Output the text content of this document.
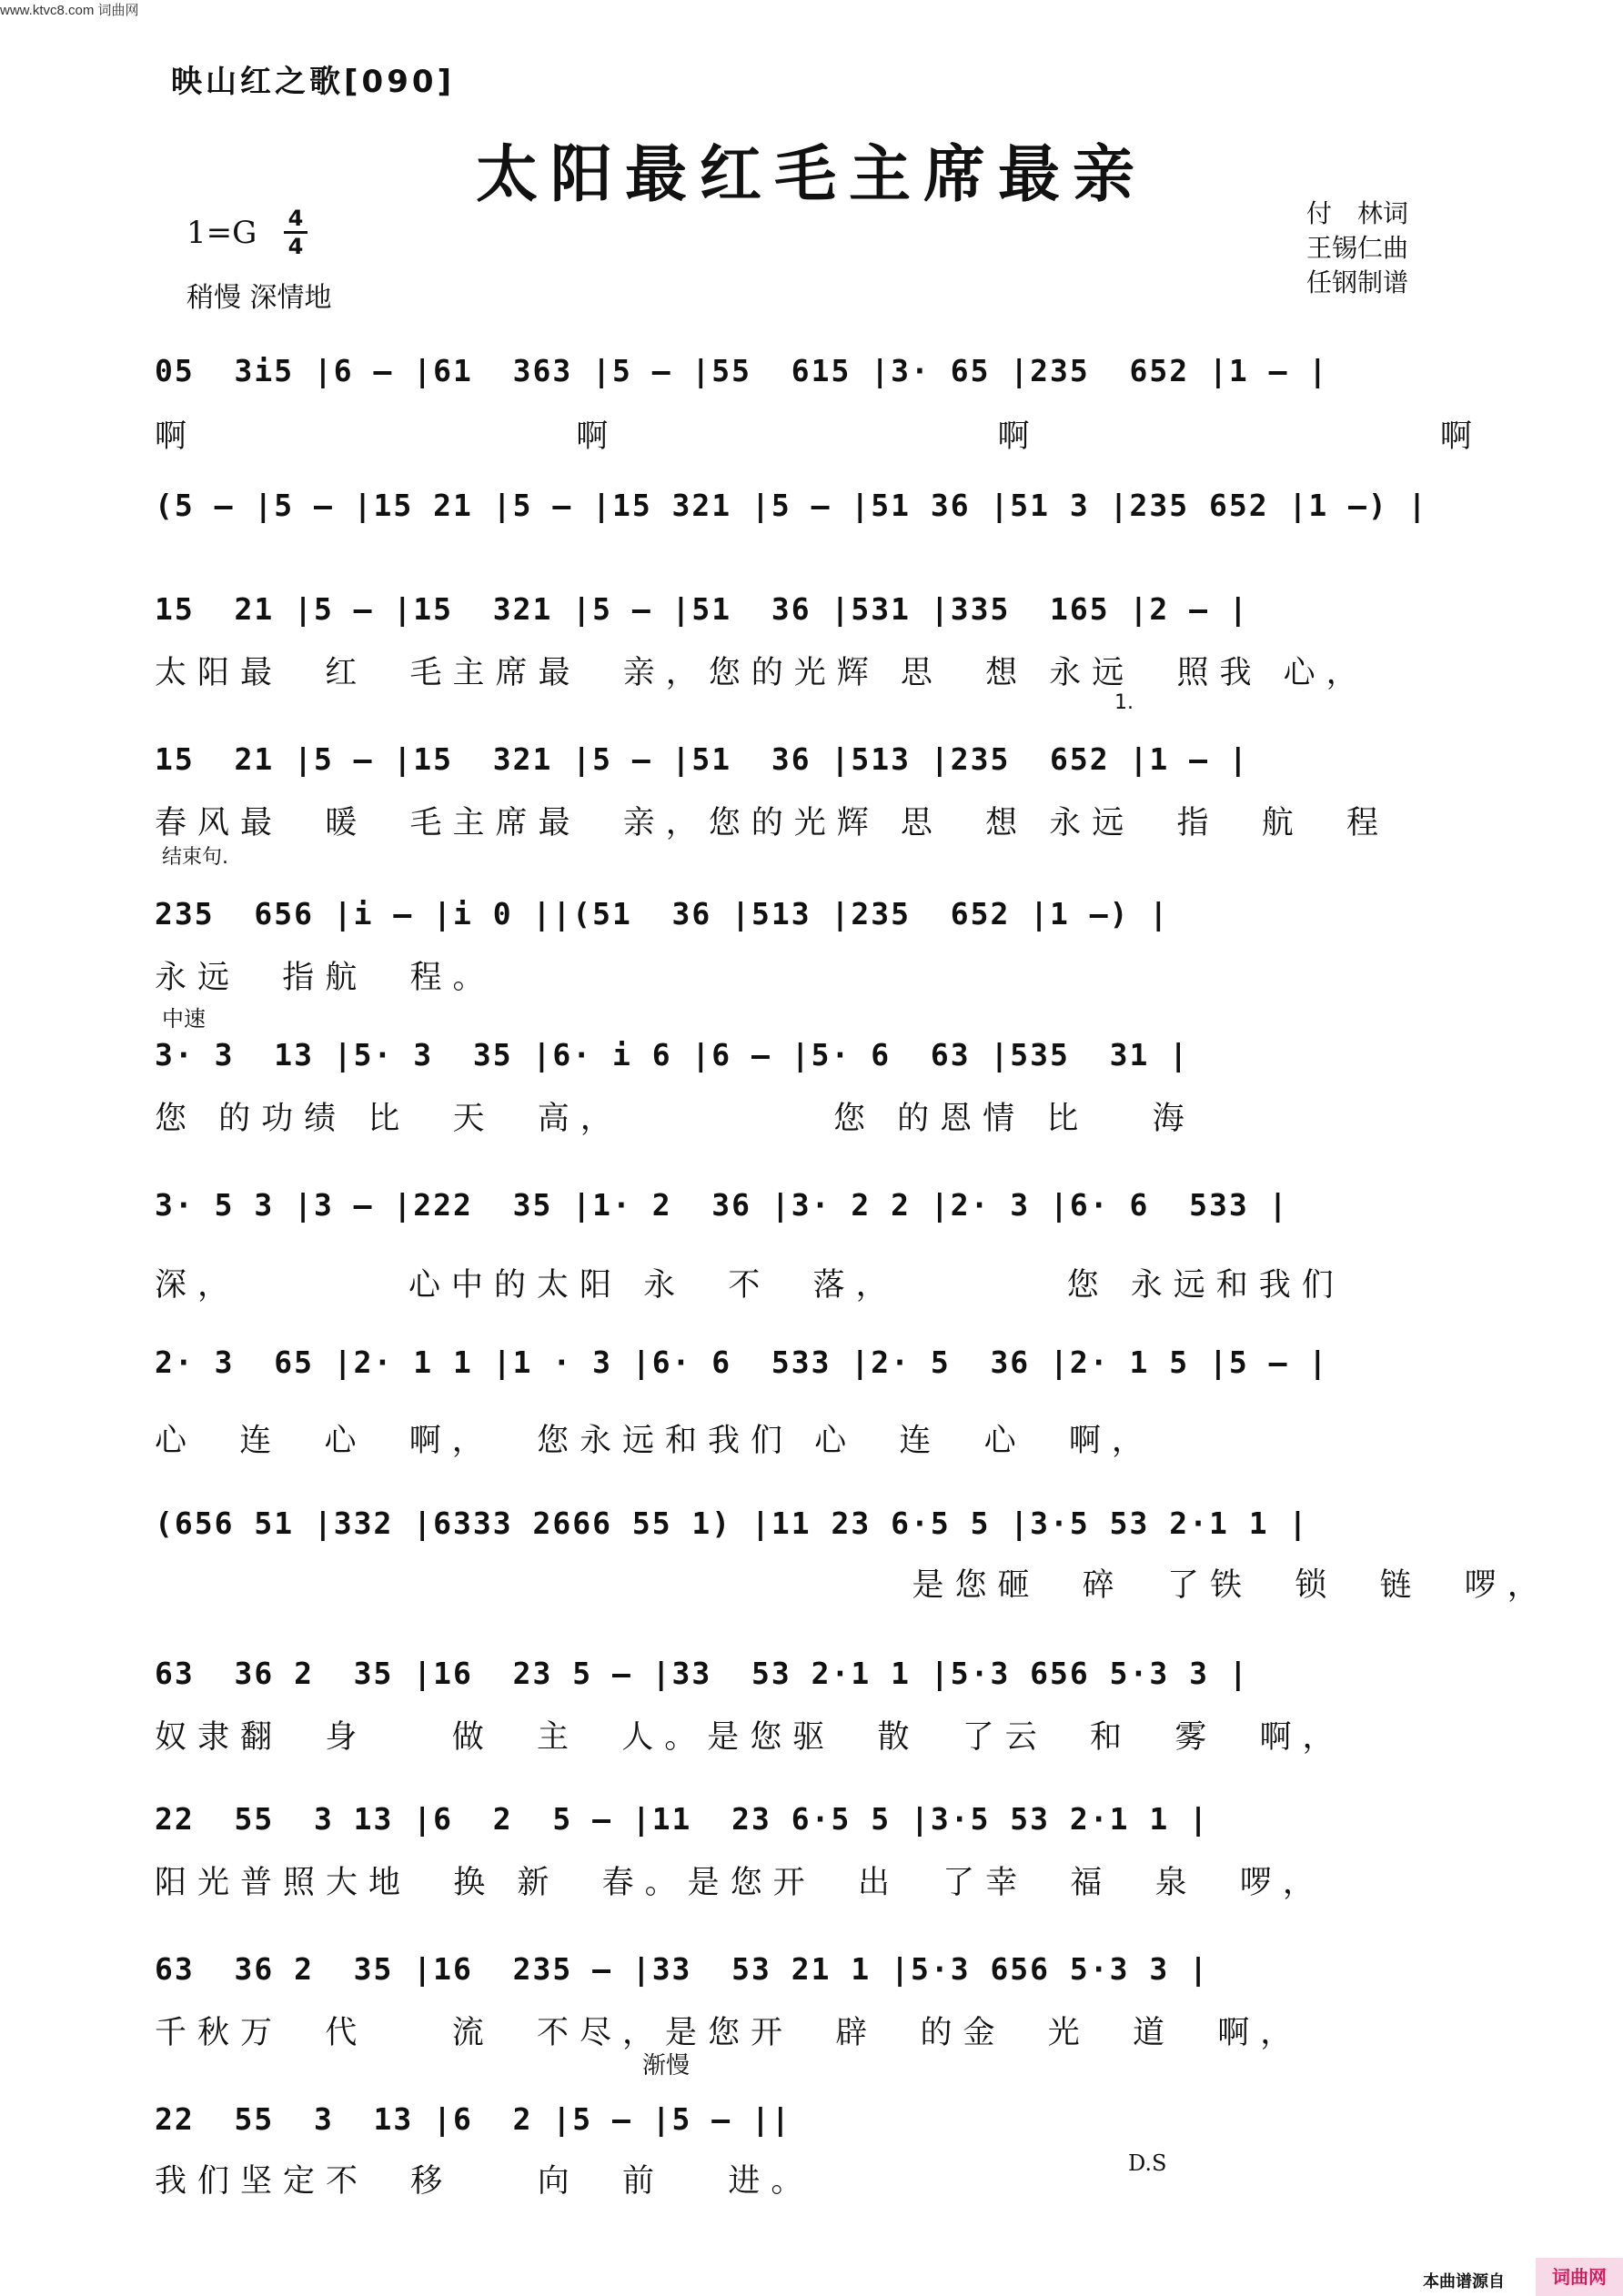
www.ktvc8.com 词曲网
映山红之歌[090]
太阳最红毛主席最亲
1=G	4
4
稍慢 深情地
付　林词
王锡仁曲
任钢制谱
05  3i5 |6 – |61  363 |5 – |55  615 |3· 65 |235  652 |1 – |
啊                  啊                  啊                   啊
(5 – |5 – |15 21 |5 – |15 321 |5 – |51 36 |51 3 |235 652 |1 –) |
15  21 |5 – |15  321 |5 – |51  36 |531 |335  165 |2 – |
太阳最  红  毛主席最  亲，您的光辉 思  想 永远  照我 心，
15  21 |5 – |15  321 |5 – |51  36 |513 |235  652 |1 – |
春风最  暖  毛主席最  亲，您的光辉 思  想 永远  指  航  程
1.
结束句.
235  656 |i – |i 0 ||(51  36 |513 |235  652 |1 –) |
永远  指航  程。
中速
3· 3  13 |5· 3  35 |6· i 6 |6 – |5· 6  63 |535  31 |
您 的功绩 比  天  高，          您 的恩情 比   海
3· 5 3 |3 – |222  35 |1· 2  36 |3· 2 2 |2· 3 |6· 6  533 |
深，        心中的太阳 永  不  落，        您 永远和我们
2· 3  65 |2· 1 1 |1 · 3 |6· 6  533 |2· 5  36 |2· 1 5 |5 – |
心  连  心  啊，  您永远和我们 心  连  心  啊，
(656 51 |332 |6333 2666 55 1) |11 23 6·5 5 |3·5 53 2·1 1 |
是您砸  碎  了铁  锁  链  啰，
63  36 2  35 |16  23 5 – |33  53 2·1 1 |5·3 656 5·3 3 |
奴隶翻  身    做  主  人。是您驱  散  了云  和  雾  啊，
22  55  3 13 |6  2  5 – |11  23 6·5 5 |3·5 53 2·1 1 |
阳光普照大地  换 新  春。是您开  出  了幸  福  泉  啰，
63  36 2  35 |16  235 – |33  53 21 1 |5·3 656 5·3 3 |
千秋万  代    流  不尽，是您开  辟  的金  光  道  啊，
渐慢
22  55  3  13 |6  2 |5 – |5 – ||
我们坚定不  移    向  前   进。	D.S
本曲谱源自	词曲网
